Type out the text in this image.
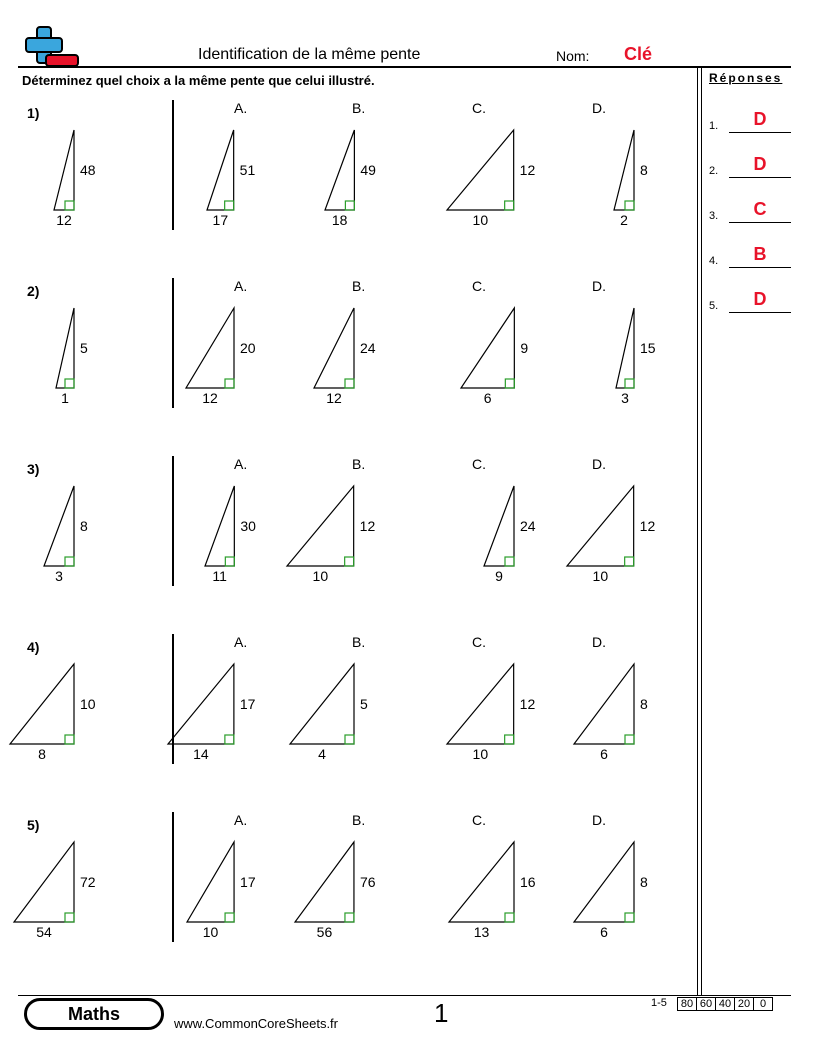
Identification de la même pente	Nom: Clé
Déterminez quel choix a la même pente que celui illustré.	Réponses
1.	D
2.	D
3.	C
4.	B
5.	D
1)
48
12
A.
51
17
B.
49
18
C.
12
10
D.
8
2
2)
5
1
A.
20
12
B.
24
12
C.
9
6
D.
15
3
3)
8
3
A.
30
11
B.
12
10
C.
24
9
D.
12
10
4)
10
8
A.
17
14
B.
5
4
C.
12
10
D.
8
6
5)
72
54
A.
17
10
B.
76
56
C.
16
13
D.
8
6
Maths	www.CommonCoreSheets.fr	1	1-5	80 60 40 20 0
